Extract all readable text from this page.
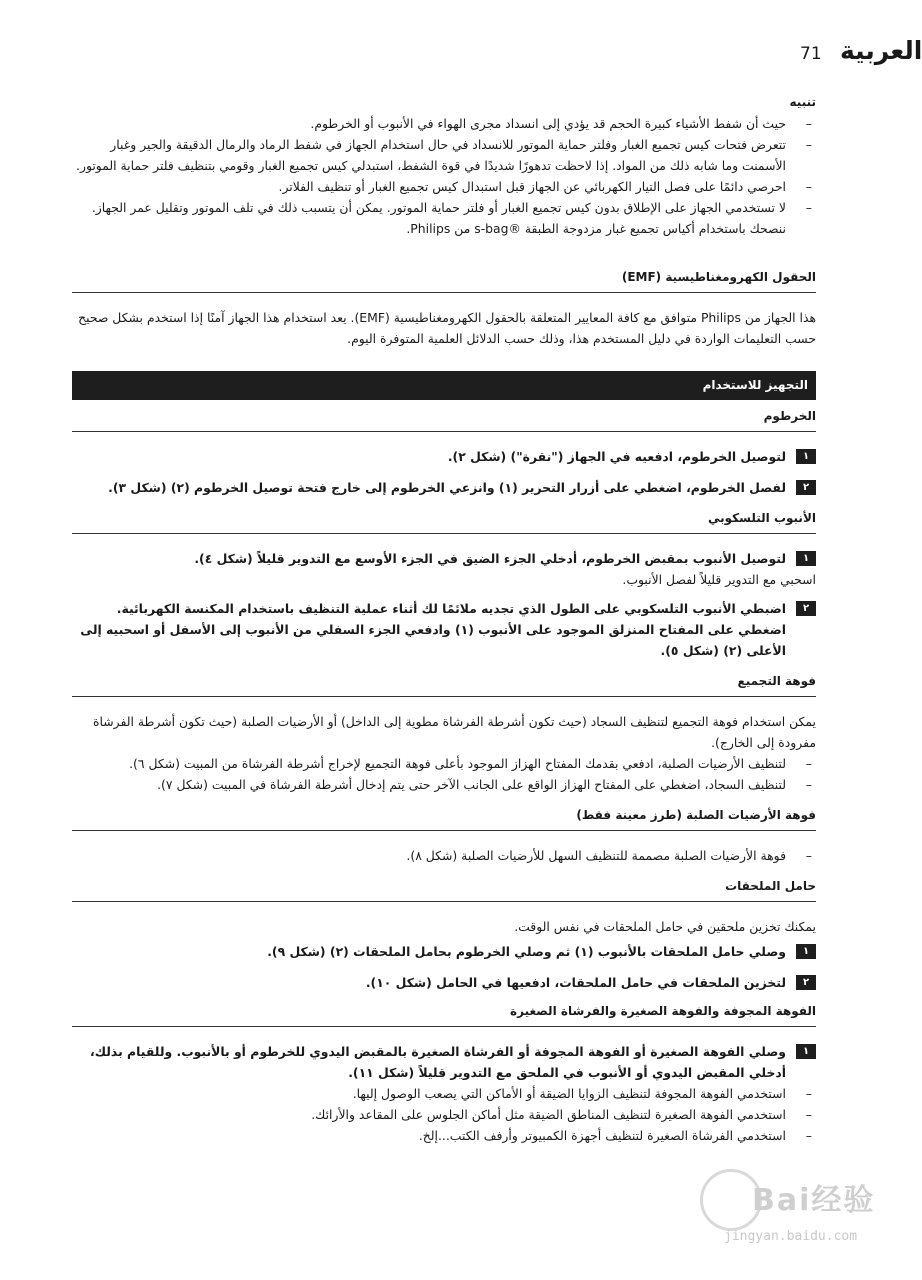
71 العربية

تنبيه

– حيث أن شفط الأشياء كبيرة الحجم قد يؤدي إلى انسداد مجرى الهواء في الأنبوب أو الخرطوم.
– تتعرض فتحات كيس تجميع الغبار وفلتر حماية الموتور للانسداد في حال استخدام الجهاز في شفط الرماد والرمال الدقيقة والجير وغبار الأسمنت وما شابه ذلك من المواد. إذا لاحظت تدهورًا شديدًا في قوة الشفط، استبدلي كيس تجميع الغبار وقومي بتنظيف فلتر حماية الموتور.
– احرصي دائمًا على فصل التيار الكهربائي عن الجهاز قبل استبدال كيس تجميع الغبار أو تنظيف الفلاتر.
– لا تستخدمي الجهاز على الإطلاق بدون كيس تجميع الغبار أو فلتر حماية الموتور. يمكن أن يتسبب ذلك في تلف الموتور وتقليل عمر الجهاز. ننصحك باستخدام أكياس تجميع غبار مزدوجة الطبقة ®s-bag من Philips.

الحقول الكهرومغناطيسية (EMF)

هذا الجهاز من Philips متوافق مع كافة المعايير المتعلقة بالحقول الكهرومغناطيسية (EMF). يعد استخدام هذا الجهاز آمنًا إذا استخدم بشكل صحيح حسب التعليمات الواردة في دليل المستخدم هذا، وذلك حسب الدلائل العلمية المتوفرة اليوم.

التجهيز للاستخدام

الخرطوم

١
لتوصيل الخرطوم، ادفعيه في الجهاز ("نقرة") (شكل ٢).
٢
لفصل الخرطوم، اضغطي على أزرار التحرير (١) وانزعي الخرطوم إلى خارج فتحة توصيل الخرطوم (٢) (شكل ٣).

الأنبوب التلسكوبي

١
لتوصيل الأنبوب بمقبض الخرطوم، أدخلي الجزء الضيق في الجزء الأوسع مع التدوير قليلاً (شكل ٤).

اسحبي مع التدوير قليلاً لفصل الأنبوب.

٢
اضبطي الأنبوب التلسكوبي على الطول الذي تجديه ملائمًا لك أثناء عملية التنظيف باستخدام المكنسة الكهربائية. اضغطي على المفتاح المنزلق الموجود على الأنبوب (١) وادفعي الجزء السفلي من الأنبوب إلى الأسفل أو اسحبيه إلى الأعلى (٢) (شكل ٥).

فوهة التجميع

يمكن استخدام فوهة التجميع لتنظيف السجاد (حيث تكون أشرطة الفرشاة مطوية إلى الداخل) أو الأرضيات الصلبة (حيث تكون أشرطة الفرشاة مفرودة إلى الخارج).

– لتنظيف الأرضيات الصلبة، ادفعي بقدمك المفتاح الهزاز الموجود بأعلى فوهة التجميع لإخراج أشرطة الفرشاة من المبيت (شكل ٦).
– لتنظيف السجاد، اضغطي على المفتاح الهزاز الواقع على الجانب الآخر حتى يتم إدخال أشرطة الفرشاة في المبيت (شكل ٧).

فوهة الأرضيات الصلبة (طرز معينة فقط)

– فوهة الأرضيات الصلبة مصممة للتنظيف السهل للأرضيات الصلبة (شكل ٨).

حامل الملحقات

يمكنك تخزين ملحقين في حامل الملحقات في نفس الوقت.

١
وصلي حامل الملحقات بالأنبوب (١) ثم وصلي الخرطوم بحامل الملحقات (٢) (شكل ٩).
٢
لتخزين الملحقات في حامل الملحقات، ادفعيها في الحامل (شكل ١٠).

الفوهة المجوفة والفوهة الصغيرة والفرشاة الصغيرة

١
وصلي الفوهة الصغيرة أو الفوهة المجوفة أو الفرشاة الصغيرة بالمقبض اليدوي للخرطوم أو بالأنبوب. وللقيام بذلك، أدخلي المقبض اليدوي أو الأنبوب في الملحق مع التدوير قليلاً (شكل ١١).
– استخدمي الفوهة المجوفة لتنظيف الزوايا الضيقة أو الأماكن التي يصعب الوصول إليها.
– استخدمي الفوهة الصغيرة لتنظيف المناطق الضيقة مثل أماكن الجلوس على المقاعد والأرائك.
– استخدمي الفرشاة الصغيرة لتنظيف أجهزة الكمبيوتر وأرفف الكتب...إلخ.
Bai经验
jingyan.baidu.com
